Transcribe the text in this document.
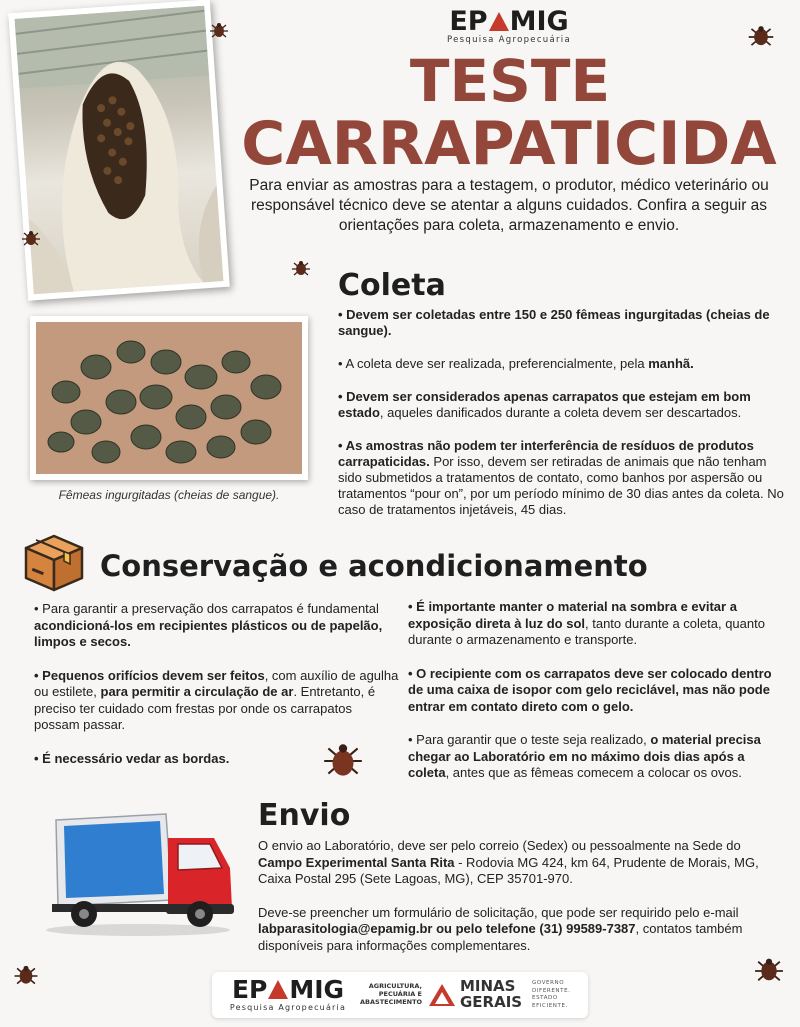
EP MIG
Pesquisa Agropecuária
TESTE
CARRAPATICIDA
Para enviar as amostras para a testagem, o produtor, médico veterinário ou responsável técnico deve se atentar a alguns cuidados. Confira a seguir as orientações para coleta, armazenamento e envio.
Coleta
Fêmeas ingurgitadas (cheias de sangue).

• Devem ser coletadas entre 150 e 250 fêmeas ingurgitadas (cheias de sangue).

• A coleta deve ser realizada, preferencialmente, pela manhã.

• Devem ser considerados apenas carrapatos que estejam em bom estado, aqueles danificados durante a coleta devem ser descartados.

• As amostras não podem ter interferência de resíduos de produtos carrapaticidas. Por isso, devem ser retiradas de animais que não tenham sido submetidos a tratamentos de contato, como banhos por aspersão ou tratamentos “pour on”, por um período mínimo de 30 dias antes da coleta. No caso de tratamentos injetáveis, 45 dias.

Conservação e acondicionamento

• Para garantir a preservação dos carrapatos é fundamental acondicioná-los em recipientes plásticos ou de papelão, limpos e secos.

• Pequenos orifícios devem ser feitos, com auxílio de agulha ou estilete, para permitir a circulação de ar. Entretanto, é preciso ter cuidado com frestas por onde os carrapatos possam passar.

• É necessário vedar as bordas.

• É importante manter o material na sombra e evitar a exposição direta à luz do sol, tanto durante a coleta, quanto durante o armazenamento e transporte.

• O recipiente com os carrapatos deve ser colocado dentro de uma caixa de isopor com gelo reciclável, mas não pode entrar em contato direto com o gelo.

• Para garantir que o teste seja realizado, o material precisa chegar ao Laboratório em no máximo dois dias após a coleta, antes que as fêmeas comecem a colocar os ovos.

Envio

O envio ao Laboratório, deve ser pelo correio (Sedex) ou pessoalmente na Sede do Campo Experimental Santa Rita - Rodovia MG 424, km 64, Prudente de Morais, MG, Caixa Postal 295 (Sete Lagoas, MG), CEP 35701-970.

Deve-se preencher um formulário de solicitação, que pode ser requirido pelo e-mail labparasitologia@epamig.br ou pelo telefone (31) 99589-7387, contatos também disponíveis para informações complementares.

EP MIG
Pesquisa Agropecuária
AGRICULTURA, PECUÁRIA E ABASTECIMENTO
MINAS
GERAIS
GOVERNO
DIFERENTE.
ESTADO
EFICIENTE.
